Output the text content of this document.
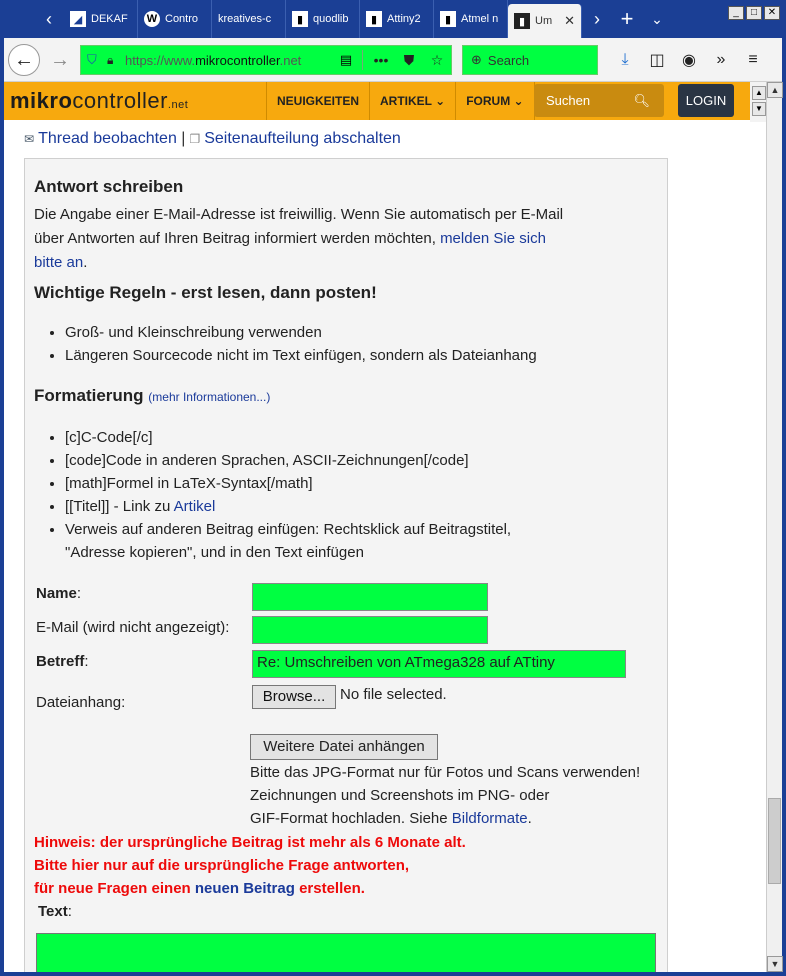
‹	◢ DEKAF W Contro kreatives-c	▮ quodlib	▮ Attiny2	▮ Atmel n	▮ Um ✕	› +	⌄	_	□	✕
← →	⛉ 🔒︎ https://www.mikrocontroller.net	▤	•••	⛊	☆	⊕ Search	⤓	◫	◉	»	≡
mikrocontroller.net	NEUIGKEITEN	ARTIKEL ⌄	FORUM ⌄	Suchen	🔍︎	LOGIN
▲
▼
✉ Thread beobachten | ❐ Seitenaufteilung abschalten
Antwort schreiben
Die Angabe einer E-Mail-Adresse ist freiwillig. Wenn Sie automatisch per E-Mail
über Antworten auf Ihren Beitrag informiert werden möchten, melden Sie sich
bitte an.
Wichtige Regeln - erst lesen, dann posten!
• Groß- und Kleinschreibung verwenden
• Längeren Sourcecode nicht im Text einfügen, sondern als Dateianhang
Formatierung (mehr Informationen...)
• [c]C-Code[/c]
• [code]Code in anderen Sprachen, ASCII-Zeichnungen[/code]
• [math]Formel in LaTeX-Syntax[/math]
• [[Titel]] - Link zu Artikel
• Verweis auf anderen Beitrag einfügen: Rechtsklick auf Beitragstitel,
"Adresse kopieren", und in den Text einfügen
Name:
E-Mail (wird nicht angezeigt):
Betreff:	Re: Umschreiben von ATmega328 auf ATtiny
Dateianhang:	Browse... No file selected.
Weitere Datei anhängen
Bitte das JPG-Format nur für Fotos und Scans verwenden!
Zeichnungen und Screenshots im PNG- oder
GIF-Format hochladen. Siehe Bildformate.
Hinweis: der ursprüngliche Beitrag ist mehr als 6 Monate alt.
Bitte hier nur auf die ursprüngliche Frage antworten,
für neue Fragen einen neuen Beitrag erstellen.
Text:
▲
▼
